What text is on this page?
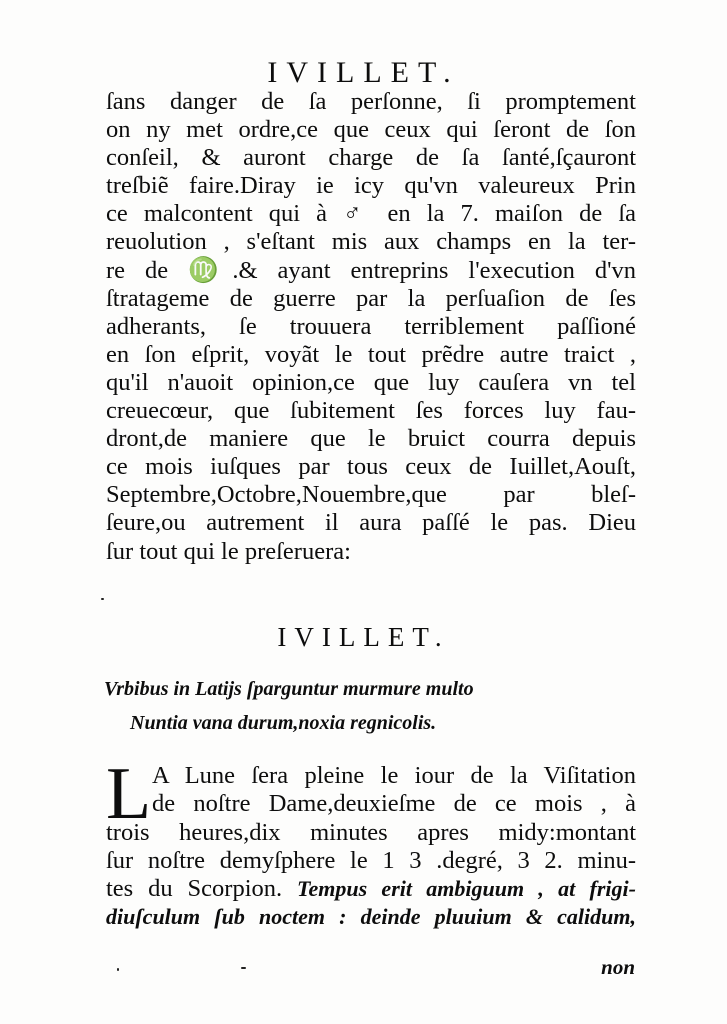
IVILLET.
ſans danger de ſa perſonne, ſi promptement
on ny met ordre,ce que ceux qui ſeront de ſon
conſeil, & auront charge de ſa ſanté,ſçauront
treſbiẽ faire.Diray ie icy qu'vn valeureux Prin
ce malcontent qui à ♂ en la 7. maiſon de ſa
reuolution , s'eſtant mis aux champs en la ter-
re de ♍.& ayant entreprins l'execution d'vn
ſtratageme de guerre par la perſuaſion de ſes
adherants, ſe trouuera terriblement paſſioné
en ſon eſprit, voyãt le tout prẽdre autre traict ,
qu'il n'auoit opinion,ce que luy cauſera vn tel
creuecœur, que ſubitement ſes forces luy fau-
dront,de maniere que le bruict courra depuis
ce mois iuſques par tous ceux de Iuillet,Aouſt,
Septembre,Octobre,Nouembre,que par bleſ-
ſeure,ou autrement il aura paſſé le pas. Dieu
ſur tout qui le preſeruera:
IVILLET.
Vrbibus in Latijs ſparguntur murmure multo
Nuntia vana durum,noxia regnicolis.
L A Lune ſera pleine le iour de la Viſitation
de noſtre Dame,deuxieſme de ce mois , à
trois heures,dix minutes apres midy:montant
ſur noſtre demyſphere le 1 3 .degré, 3 2. minu-
tes du Scorpion. Tempus erit ambiguum , at frigi-
diuſculum ſub noctem : deinde pluuium & calidum,
non
